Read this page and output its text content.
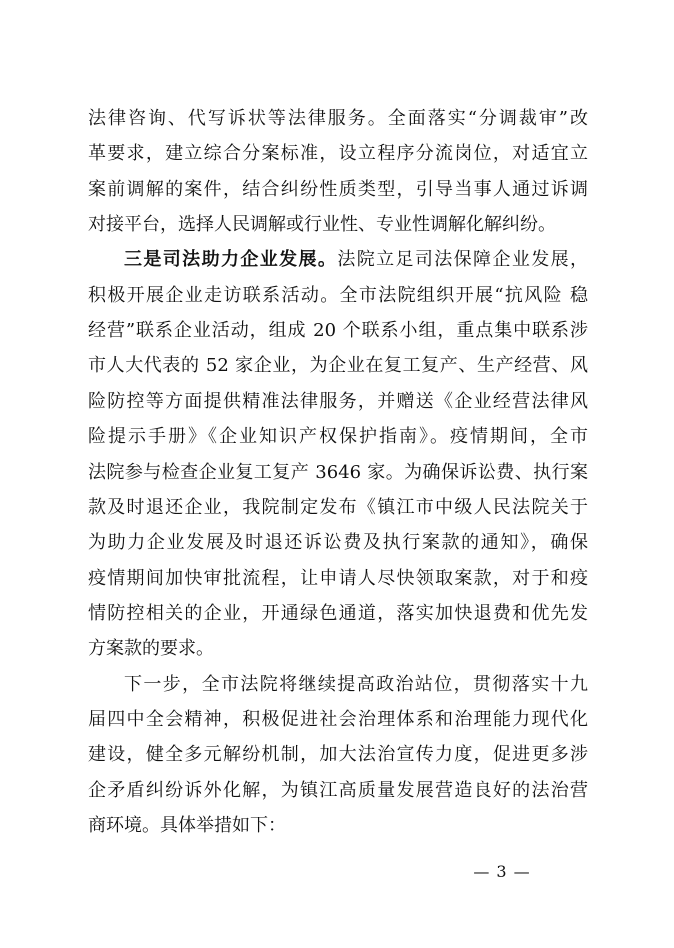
法律咨询、代写诉状等法律服务。全面落实“分调裁审”改
革要求，建立综合分案标准，设立程序分流岗位，对适宜立
案前调解的案件，结合纠纷性质类型，引导当事人通过诉调
对接平台，选择人民调解或行业性、专业性调解化解纠纷。
三是司法助力企业发展。法院立足司法保障企业发展，
积极开展企业走访联系活动。全市法院组织开展“抗风险 稳
经营”联系企业活动，组成 20 个联系小组，重点集中联系涉
市人大代表的 52 家企业，为企业在复工复产、生产经营、风
险防控等方面提供精准法律服务，并赠送《企业经营法律风
险提示手册》《企业知识产权保护指南》。疫情期间，全市
法院参与检查企业复工复产 3646 家。为确保诉讼费、执行案
款及时退还企业，我院制定发布《镇江市中级人民法院关于
为助力企业发展及时退还诉讼费及执行案款的通知》，确保
疫情期间加快审批流程，让申请人尽快领取案款，对于和疫
情防控相关的企业，开通绿色通道，落实加快退费和优先发
方案款的要求。
下一步，全市法院将继续提高政治站位，贯彻落实十九
届四中全会精神，积极促进社会治理体系和治理能力现代化
建设，健全多元解纷机制，加大法治宣传力度，促进更多涉
企矛盾纠纷诉外化解，为镇江高质量发展营造良好的法治营
商环境。具体举措如下：
— 3 —
